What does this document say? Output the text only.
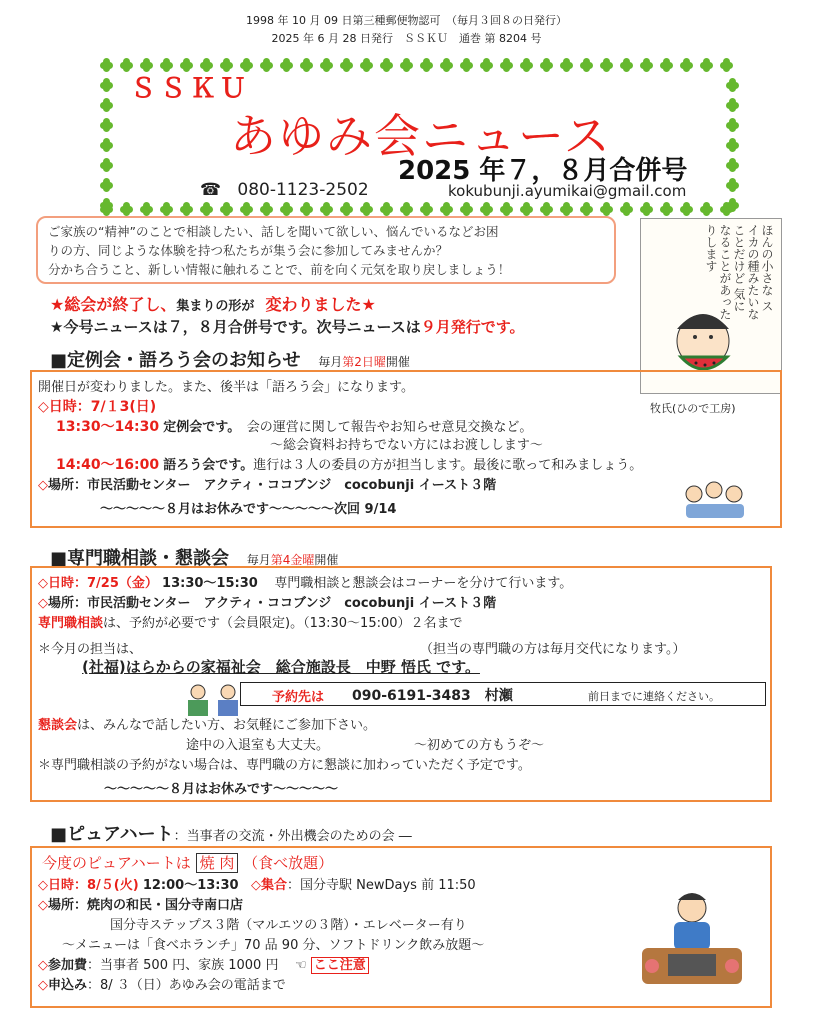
1998 年 10 月 09 日第三種郵便物認可　（毎月３回８の日発行）
2025 年 6 月 28 日発行　ＳＳＫＵ　通巻 第 8204 号
ＳＳＫＵ
あゆみ会ニュース
2025 年７，８月合併号
☎ 080-1123-2502	kokubunji.ayumikai@gmail.com
ご家族の“精神”のことで相談したい、話しを聞いて欲しい、悩んでいるなどお困
りの方、同じような体験を持つ私たちが集う会に参加してみませんか？
分かち合うこと、新しい情報に触れることで、前を向く元気を取り戻しましょう！	ほんの小さな スイカの種みたいなことだけど 気になることがあったりします
牧氏(ひので工房)
★総会が終了し、集まりの形が 変わりました★
★今号ニュースは７，８月合併号です。次号ニュースは９月発行です。
■定例会・語ろう会のお知らせ 毎月第2日曜開催
開催日が変わりました。また、後半は「語ろう会」になります。
◇日時：7/１3(日)
13:30～14:30 定例会です。　会の運営に関して報告やお知らせ意見交換など。
～総会資料お持ちでない方にはお渡しします～
14:40～16:00 語ろう会です。進行は３人の委員の方が担当します。最後に歌って和みましょう。
◇場所：市民活動センター　アクティ・ココブンジ　cocobunji イースト３階
～～～～～８月はお休みです～～～～～次回 9/14
■専門職相談・懇談会 毎月第4金曜開催
◇日時：7/25（金） 13:30～15:30 専門職相談と懇談会はコーナーを分けて行います。
◇場所：市民活動センター　アクティ・ココブンジ　cocobunji イースト３階
専門職相談は、予約が必要です（会員限定)。（13:30～15:00）２名まで
＊今月の担当は、	（担当の専門職の方は毎月交代になります。）
(社福)はらからの家福祉会　総合施設長　中野 悟氏 です。
予約先は 090-6191-3483　村瀬	前日までに連絡ください。
懇談会は、みんなで話したい方、お気軽にご参加下さい。
途中の入退室も大丈夫。	～初めての方もうぞ～
＊専門職相談の予約がない場合は、専門職の方に懇談に加わっていただく予定です。
～～～～～８月はお休みです～～～～～
■ピュアハート：当事者の交流・外出機会のための会 ―
今度のピュアハートは 焼 肉 （食べ放題）
◇日時：8/５(火) 12:00～13:30 ◇集合：国分寺駅 NewDays 前 11:50
◇場所：焼肉の和民・国分寺南口店
国分寺ステップス３階（マルエツの３階）・エレベーター有り
～メニューは「食べホランチ」70 品 90 分、ソフトドリンク飲み放題～
◇参加費：当事者 500 円、家族 1000 円 ☜ ここ注意
◇申込み：8/ ３（日）あゆみ会の電話まで
